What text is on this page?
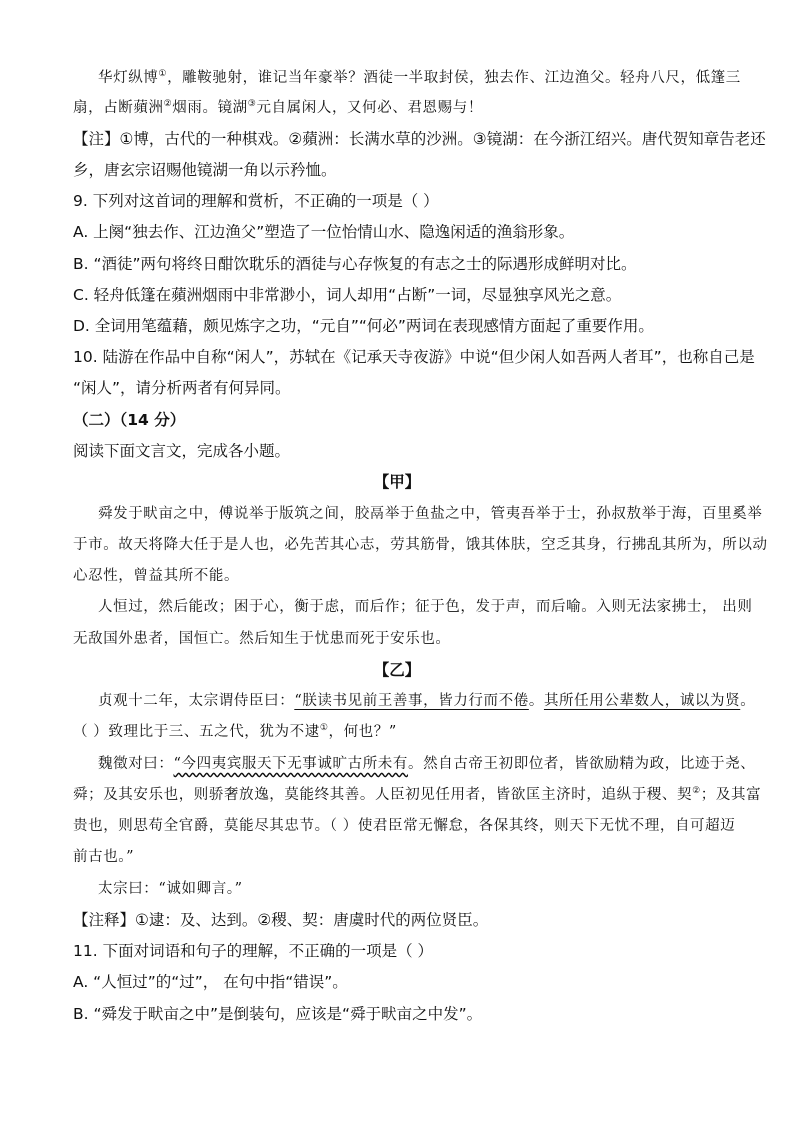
华灯纵博①，雕鞍驰射，谁记当年豪举？酒徒一半取封侯，独去作、江边渔父。轻舟八尺，低篷三
扇，占断蘋洲②烟雨。镜湖③元自属闲人，又何必、君恩赐与！
【注】①博，古代的一种棋戏。②蘋洲：长满水草的沙洲。③镜湖：在今浙江绍兴。唐代贺知章告老还
乡，唐玄宗诏赐他镜湖一角以示矜恤。
9. 下列对这首词的理解和赏析，不正确的一项是（ ）
A. 上阕“独去作、江边渔父”塑造了一位怡情山水、隐逸闲适的渔翁形象。
B. “酒徒”两句将终日酣饮耽乐的酒徒与心存恢复的有志之士的际遇形成鲜明对比。
C. 轻舟低篷在蘋洲烟雨中非常渺小，词人却用“占断”一词，尽显独享风光之意。
D. 全词用笔蕴藉，颇见炼字之功，“元自”“何必”两词在表现感情方面起了重要作用。
10. 陆游在作品中自称“闲人”，苏轼在《记承天寺夜游》中说“但少闲人如吾两人者耳”，也称自己是
“闲人”，请分析两者有何异同。
（二）（14 分）
阅读下面文言文，完成各小题。
【甲】
舜发于畎亩之中，傅说举于版筑之间，胶鬲举于鱼盐之中，管夷吾举于士，孙叔敖举于海，百里奚举
于市。故天将降大任于是人也，必先苦其心志，劳其筋骨，饿其体肤，空乏其身，行拂乱其所为，所以动
心忍性，曾益其所不能。
人恒过，然后能改；困于心，衡于虑，而后作；征于色，发于声，而后喻。入则无法家拂士， 出则
无敌国外患者，国恒亡。然后知生于忧患而死于安乐也。
【乙】
贞观十二年，太宗谓侍臣曰：“朕读书见前王善事，皆力行而不倦。其所任用公辈数人，诚以为贤。
（ ）致理比于三、五之代，犹为不逮①，何也？”
魏徵对曰：“今四夷宾服天下无事诚旷古所未有。然自古帝王初即位者，皆欲励精为政，比迹于尧、
舜；及其安乐也，则骄奢放逸，莫能终其善。人臣初见任用者，皆欲匡主济时，追纵于稷、契②；及其富
贵也，则思苟全官爵，莫能尽其忠节。（ ）使君臣常无懈怠，各保其终，则天下无忧不理，自可超迈
前古也。”
太宗曰：“诚如卿言。”
【注释】①逮：及、达到。②稷、契：唐虞时代的两位贤臣。
11. 下面对词语和句子的理解，不正确的一项是（ ）
A. “人恒过”的“过”， 在句中指“错误”。
B. “舜发于畎亩之中”是倒装句，应该是“舜于畎亩之中发”。
